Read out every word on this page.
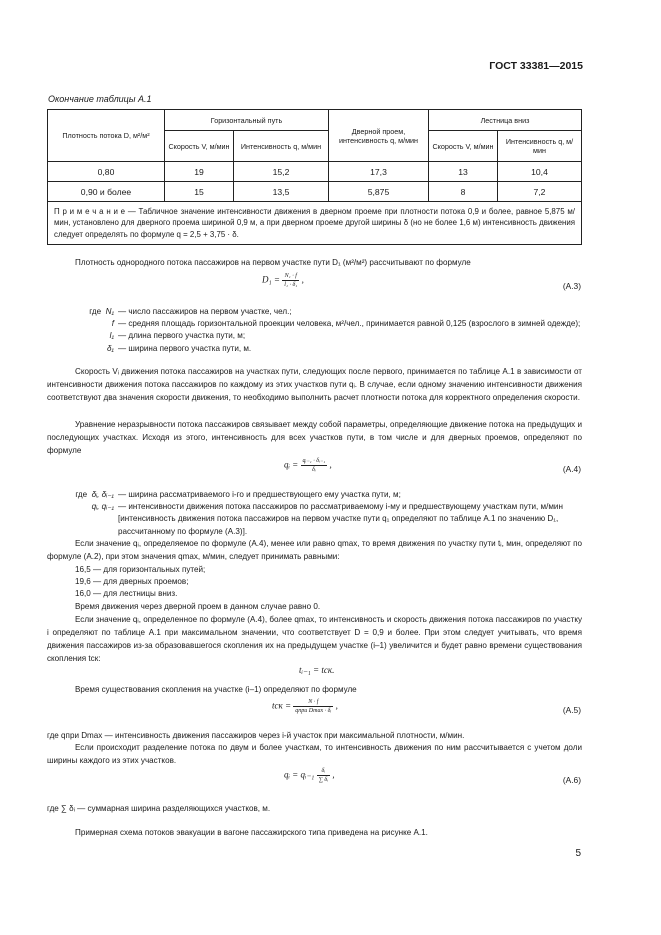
ГОСТ 33381—2015
Окончание таблицы А.1
Плотность потока D, м²/м²	Горизонтальный путь		Дверной проем, интенсивность q, м/мин	Лестница вниз	
	Скорость V, м/мин	Интенсивность q, м/мин		Скорость V, м/мин	Интенсивность q, м/мин
0,80	19	15,2	17,3	13	10,4
0,90 и более	15	13,5	5,875	8	7,2
П р и м е ч а н и е — Табличное значение интенсивности движения в дверном проеме при плотности потока 0,9 и более, равное 5,875 м/мин, установлено для дверного проема шириной 0,9 м, а при дверном проеме другой ширины δ (но не более 1,6 м) интенсивность движения следует определять по формуле q = 2,5 + 3,75 · δ.					
Плотность однородного потока пассажиров на первом участке пути D₁ (м²/м²) рассчитывают по формуле
$D_1 = \frac{\text{N₁ · f}}{\text{l₁ · δ₁}}$ ,
(А.3)
где N₁ — число пассажиров на первом участке, чел.;
f — средняя площадь горизонтальной проекции человека, м²/чел., принимается равной 0,125 (взрослого в зимней одежде);
l₁ — длина первого участка пути, м;
δ₁ — ширина первого участка пути, м.
Скорость Vᵢ движения потока пассажиров на участках пути, следующих после первого, принимается по таблице А.1 в зависимости от интенсивности движения потока пассажиров по каждому из этих участков пути qᵢ. В случае, если одному значению интенсивности движения соответствуют два значения скорости движения, то необходимо выполнить расчет плотности потока для корректного определения скорости.
Уравнение неразрывности потока пассажиров связывает между собой параметры, определяющие движение потока на предыдущих и последующих участках. Исходя из этого, интенсивность для всех участков пути, в том числе и для дверных проемов, определяют по формуле
qᵢ = $\frac{\text{qᵢ₋₁ · δᵢ₋₁}}{\text{δᵢ}}$ ,	(А.4)
где δᵢ, δᵢ₋₁ — ширина рассматриваемого i-го и предшествующего ему участка пути, м;
qᵢ, qᵢ₋₁ — интенсивности движения потока пассажиров по рассматриваемому i-му и предшествующему участкам пути, м/мин [интенсивность движения потока пассажиров на первом участке пути q₁ определяют по таблице А.1 по значению D₁, рассчитанному по формуле (А.3)].
Если значение qᵢ, определяемое по формуле (А.4), менее или равно qmax, то время движения по участку пути tᵢ, мин, определяют по формуле (А.2), при этом значения qmax, м/мин, следует принимать равными:
16,5 — для горизонтальных путей;
19,6 — для дверных проемов;
16,0 — для лестницы вниз.
Время движения через дверной проем в данном случае равно 0.
Если значение qᵢ, определенное по формуле (А.4), более qmax, то интенсивность и скорость движения потока пассажиров по участку i определяют по таблице А.1 при максимальном значении, что соответствует D = 0,9 и более. При этом следует учитывать, что время движения пассажиров из-за образовавшегося скопления их на предыдущем участке (i–1) увеличится и будет равно времени существования скопления tск:
tᵢ₋₁ = tск.
Время существования скопления на участке (i–1) определяют по формуле
tск = $\frac{N \cdot f}{\text{qпри Dmax · δᵢ}}$ ,	(А.5)
где qпри Dmax — интенсивность движения пассажиров через i-й участок при максимальной плотности, м/мин.
Если происходит разделение потока по двум и более участкам, то интенсивность движения по ним рассчитывается с учетом доли ширины каждого из этих участков.
qᵢ = qᵢ₋₁ $\frac{\text{δᵢ}}{\text{∑ δᵢ}}$ ,
(А.6)
где ∑ δᵢ — суммарная ширина разделяющихся участков, м.
Примерная схема потоков эвакуации в вагоне пассажирского типа приведена на рисунке А.1.
5
